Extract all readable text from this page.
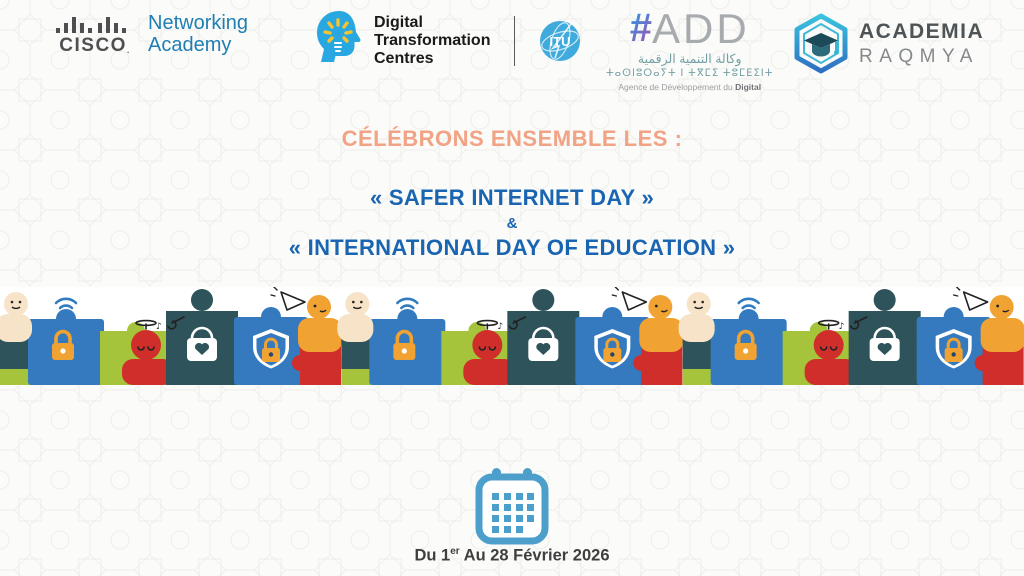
CISCO.
Networking
Academy
Digital
Transformation
Centres
ITU # ADD
وكالة التنمية الرقمية
ⵜⴰⵙⵏⵓⵔⴰⵢⵜ ⵏ ⵜⴳⵎⵉ ⵜⵓⵎⴹⵉⵏⵜ
Agence de Développement du Digital
ACADEMIA
RAQMYA
CÉLÉBRONS ENSEMBLE LES :
« SAFER INTERNET DAY »
&
« INTERNATIONAL DAY OF EDUCATION »
Du 1er Au 28 Février 2026
